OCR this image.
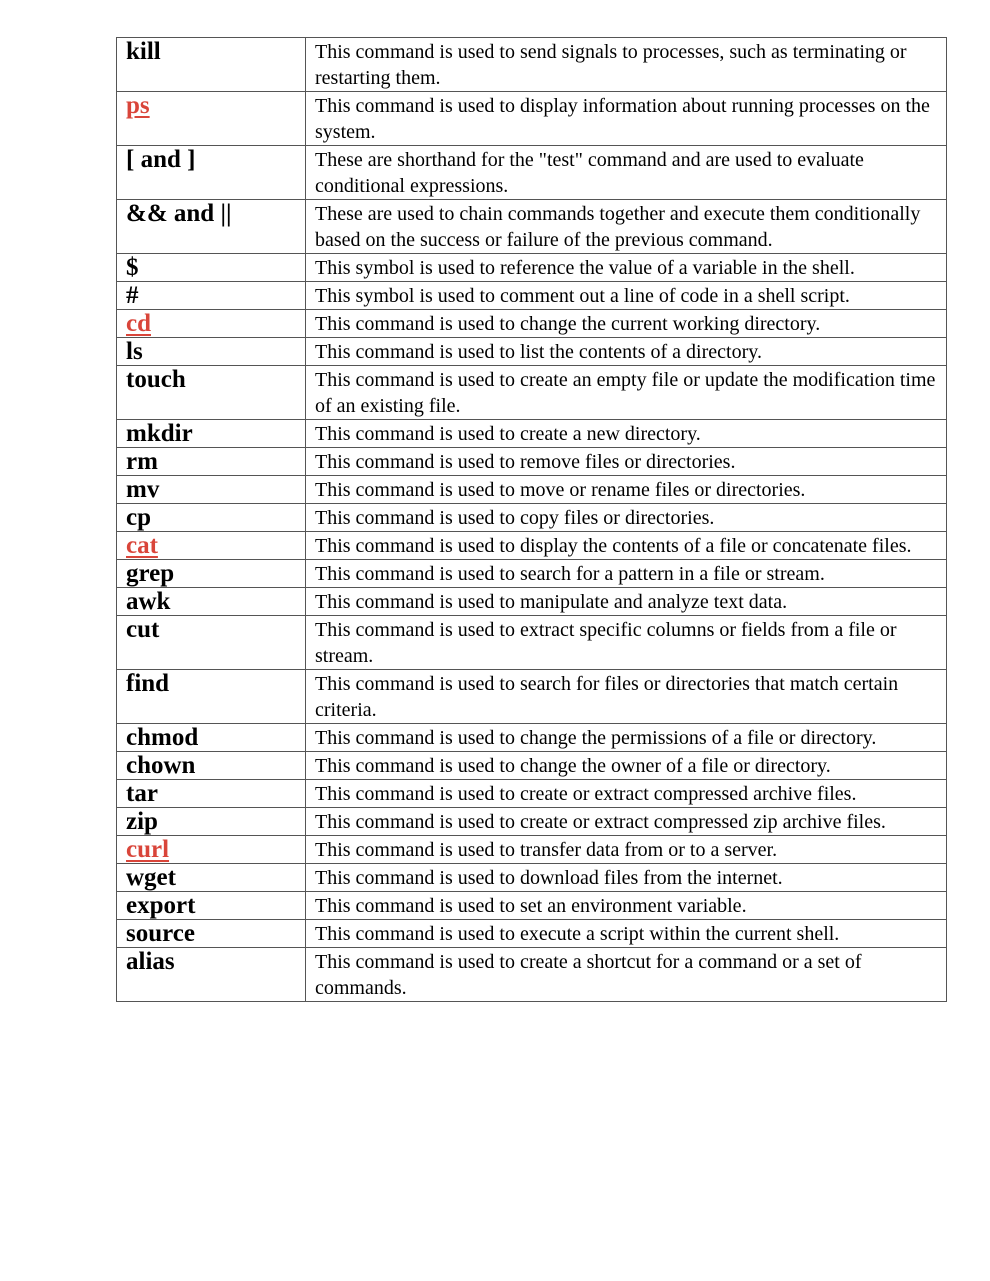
kill	This command is used to send signals to processes, such as terminating or restarting them.
ps	This command is used to display information about running processes on the system.
[ and ]	These are shorthand for the "test" command and are used to evaluate conditional expressions.
&& and ||	These are used to chain commands together and execute them conditionally based on the success or failure of the previous command.
$	This symbol is used to reference the value of a variable in the shell.
#	This symbol is used to comment out a line of code in a shell script.
cd	This command is used to change the current working directory.
ls	This command is used to list the contents of a directory.
touch	This command is used to create an empty file or update the modification time of an existing file.
mkdir	This command is used to create a new directory.
rm	This command is used to remove files or directories.
mv	This command is used to move or rename files or directories.
cp	This command is used to copy files or directories.
cat	This command is used to display the contents of a file or concatenate files.
grep	This command is used to search for a pattern in a file or stream.
awk	This command is used to manipulate and analyze text data.
cut	This command is used to extract specific columns or fields from a file or stream.
find	This command is used to search for files or directories that match certain criteria.
chmod	This command is used to change the permissions of a file or directory.
chown	This command is used to change the owner of a file or directory.
tar	This command is used to create or extract compressed archive files.
zip	This command is used to create or extract compressed zip archive files.
curl	This command is used to transfer data from or to a server.
wget	This command is used to download files from the internet.
export	This command is used to set an environment variable.
source	This command is used to execute a script within the current shell.
alias	This command is used to create a shortcut for a command or a set of commands.
